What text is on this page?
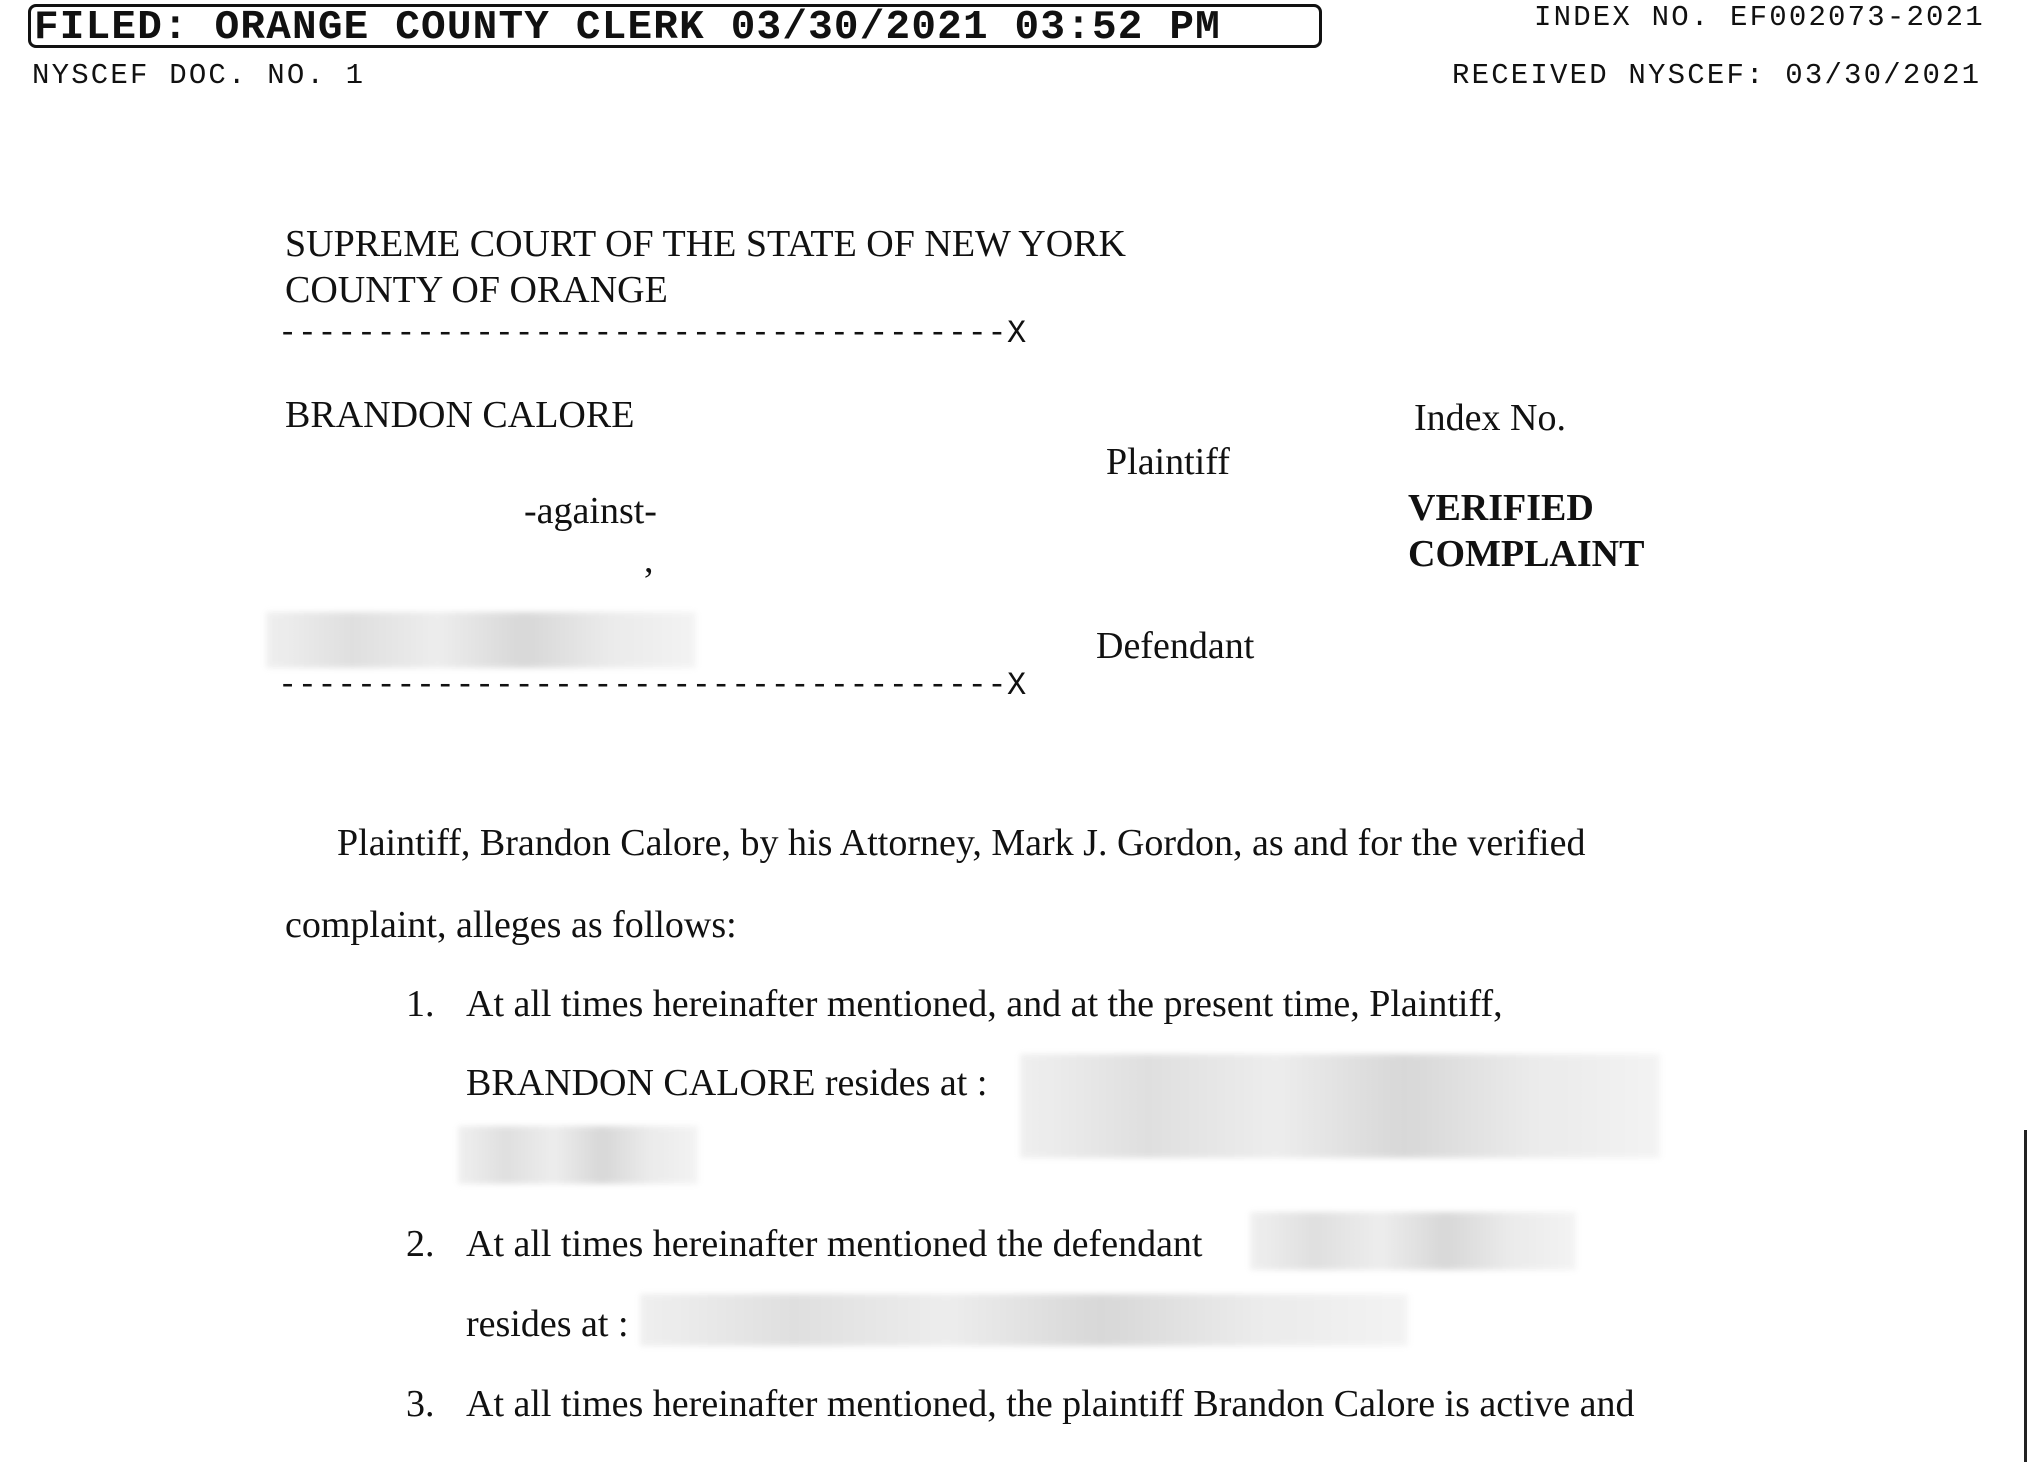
FILED: ORANGE COUNTY CLERK 03/30/2021 03:52 PM	INDEX NO. EF002073-2021
NYSCEF DOC. NO. 1	RECEIVED NYSCEF: 03/30/2021
SUPREME COURT OF THE STATE OF NEW YORK
COUNTY OF ORANGE
-------------------------------------X
BRANDON CALORE
Plaintiff
-against-
,
Defendant
-------------------------------------X
Index No.
VERIFIED
COMPLAINT
Plaintiff, Brandon Calore, by his Attorney, Mark J. Gordon, as and for the verified
complaint, alleges as follows:
1. At all times hereinafter mentioned, and at the present time, Plaintiff,
BRANDON CALORE resides at :
2. At all times hereinafter mentioned the defendant
resides at :
3. At all times hereinafter mentioned, the plaintiff Brandon Calore is active and
